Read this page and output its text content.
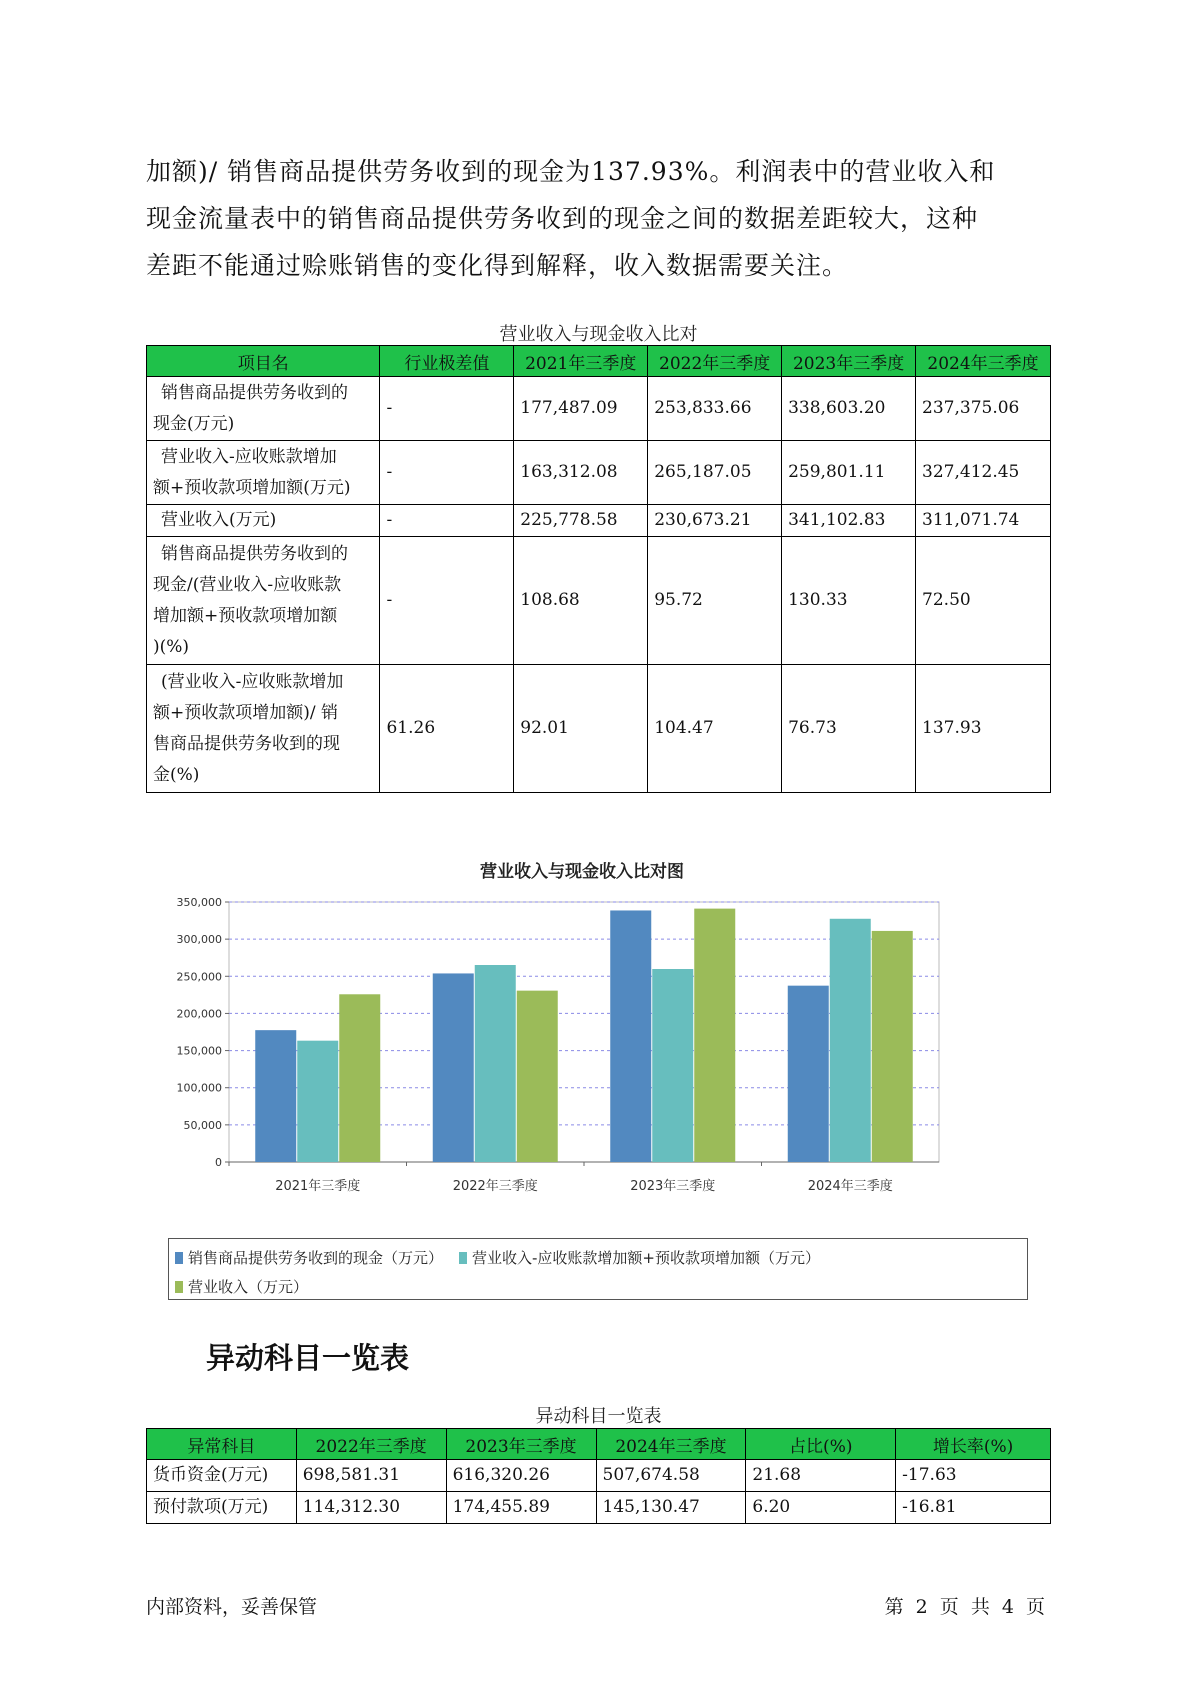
加额)/ 销售商品提供劳务收到的现金为137.93%。利润表中的营业收入和

现金流量表中的销售商品提供劳务收到的现金之间的数据差距较大，这种

差距不能通过赊账销售的变化得到解释，收入数据需要关注。

营业收入与现金收入比对
项目名	行业极差值	2021年三季度	2022年三季度	2023年三季度	2024年三季度

销售商品提供劳务收到的
现金(万元)	-	177,487.09	253,833.66	338,603.20	237,375.06

营业收入-应收账款增加
额+预收款项增加额(万元)	-	163,312.08	265,187.05	259,801.11	327,412.45

营业收入(万元)	-	225,778.58	230,673.21	341,102.83	311,071.74

销售商品提供劳务收到的
现金/(营业收入-应收账款
增加额+预收款项增加额
)(%)	-	108.68	95.72	130.33	72.50

(营业收入-应收账款增加
额+预收款项增加额)/ 销
售商品提供劳务收到的现
金(%)	61.26	92.01	104.47	76.73	137.93
营业收入与现金收入比对图
0
50,000
100,000
150,000
200,000
250,000
300,000
350,000
2021年三季度	2022年三季度	2023年三季度	2024年三季度
销售商品提供劳务收到的现金（万元） 营业收入-应收账款增加额+预收款项增加额（万元）
营业收入（万元）
异动科目一览表
异动科目一览表
异常科目	2022年三季度	2023年三季度	2024年三季度	占比(%)	增长率(%)
货币资金(万元)	698,581.31	616,320.26	507,674.58	21.68	-17.63
预付款项(万元)	114,312.30	174,455.89	145,130.47	6.20	-16.81
内部资料，妥善保管	第 2 页 共 4 页
